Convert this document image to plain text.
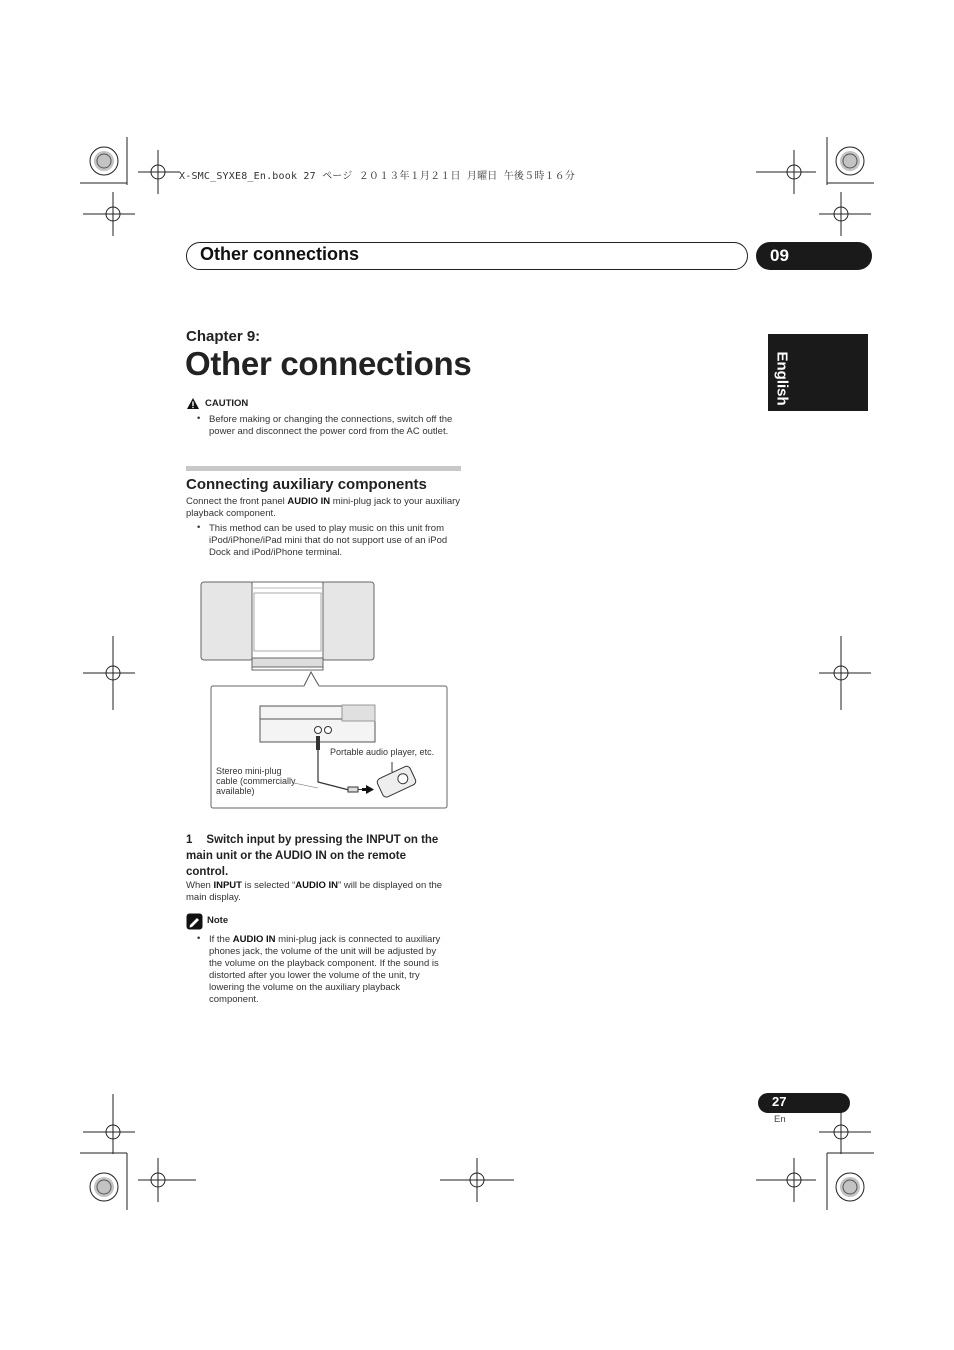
X-SMC_SYXE8_En.book 27 ページ ２０１３年１月２１日 月曜日 午後５時１６分
Other connections	09
English
Chapter 9:
Other connections
CAUTION
• Before making or changing the connections, switch off the power and disconnect the power cord from the AC outlet.
Connecting auxiliary components
Connect the front panel AUDIO IN mini-plug jack to your auxiliary playback component.
• This method can be used to play music on this unit from iPod/iPhone/iPad mini that do not support use of an iPod Dock and iPod/iPhone terminal.
Portable audio player, etc.
Stereo mini-plug
cable (commercially
available)
1 Switch input by pressing the INPUT on the
main unit or the AUDIO IN on the remote
control.
When INPUT is selected “AUDIO IN” will be displayed on the
main display.
Note
• If the AUDIO IN mini-plug jack is connected to auxiliary
phones jack, the volume of the unit will be adjusted by
the volume on the playback component. If the sound is
distorted after you lower the volume of the unit, try
lowering the volume on the auxiliary playback
component.
27
En
